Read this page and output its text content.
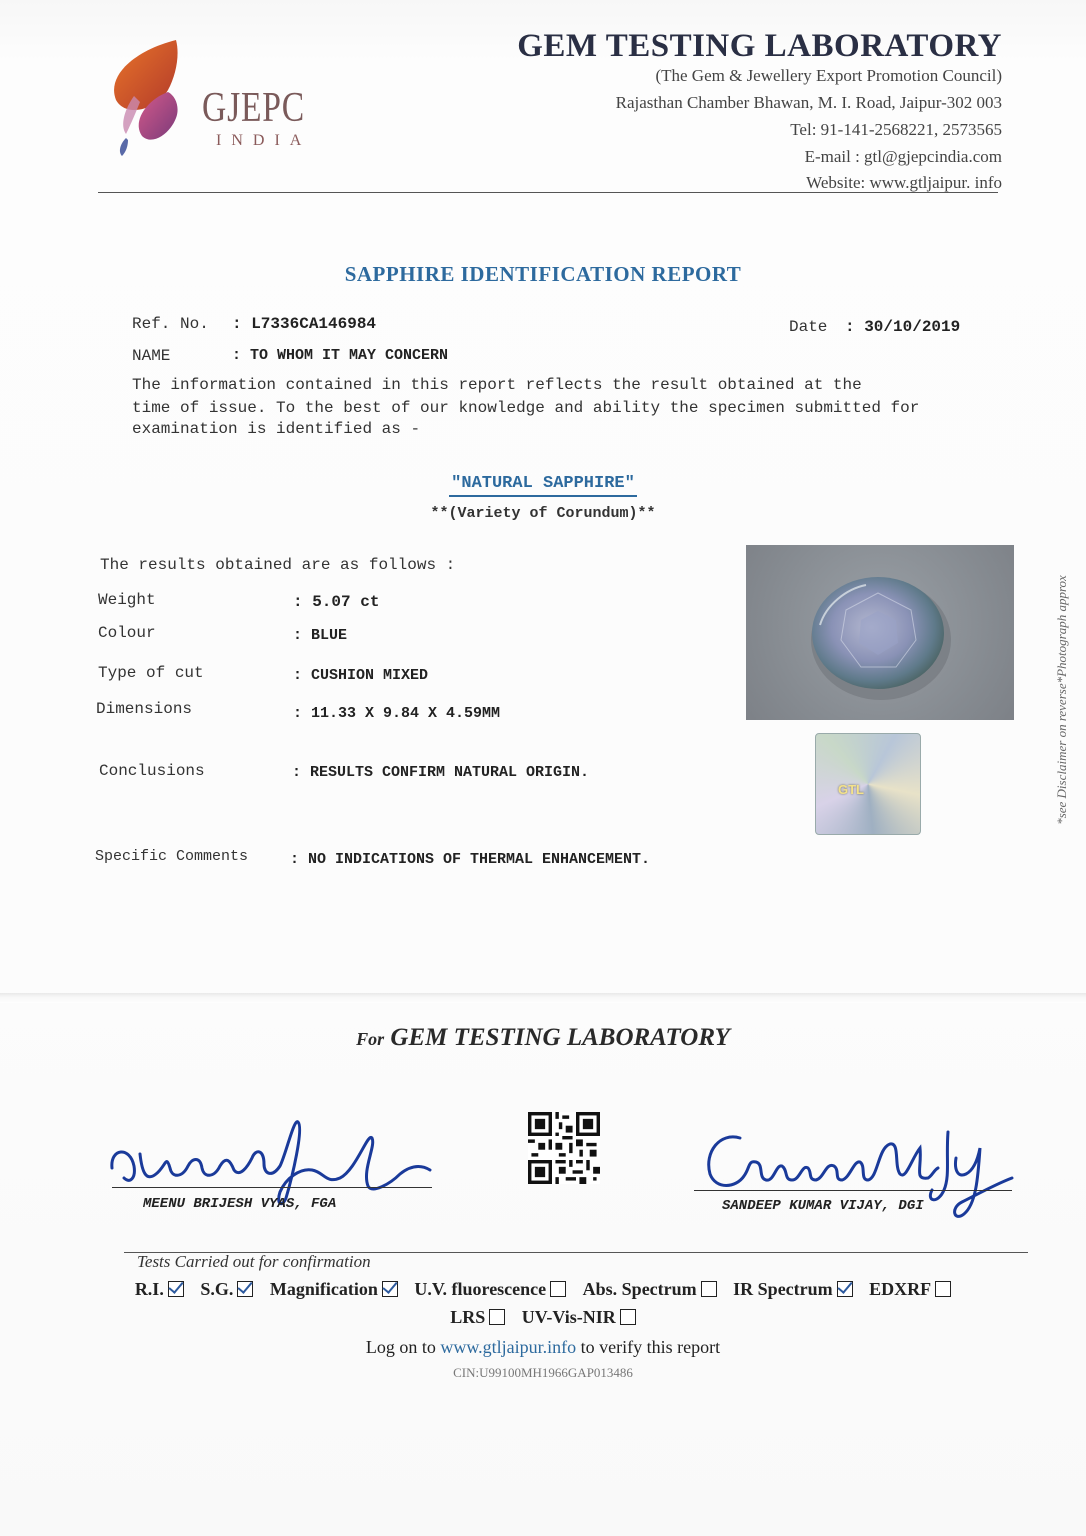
GJEPC
INDIA
GEM TESTING LABORATORY
(The Gem & Jewellery Export Promotion Council)
Rajasthan Chamber Bhawan, M. I. Road, Jaipur-302 003
Tel: 91-141-2568221, 2573565
E-mail : gtl@gjepcindia.com
Website: www.gtljaipur. info
SAPPHIRE IDENTIFICATION REPORT
Ref. No. : L7336CA146984	Date : 30/10/2019
NAME	: TO WHOM IT MAY CONCERN
The information contained in this report reflects the result obtained at the
time of issue. To the best of our knowledge and ability the specimen submitted for
examination is identified as -
"NATURAL SAPPHIRE"
**(Variety of Corundum)**
The results obtained are as follows :
Weight	: 5.07 ct
Colour	: BLUE
Type of cut	: CUSHION MIXED
Dimensions	: 11.33 X 9.84 X 4.59MM
Conclusions	: RESULTS CONFIRM NATURAL ORIGIN.
Specific Comments	: NO INDICATIONS OF THERMAL ENHANCEMENT.
GTL	*see Disclaimer on reverse*Photograph approx
For GEM TESTING LABORATORY
MEENU BRIJESH VYAS, FGA	SANDEEP KUMAR VIJAY, DGI
Tests Carried out for confirmation
R.I. S.G. Magnification U.V. fluorescence Abs. Spectrum IR Spectrum EDXRF
LRS UV-Vis-NIR
Log on to www.gtljaipur.info to verify this report
CIN:U99100MH1966GAP013486
